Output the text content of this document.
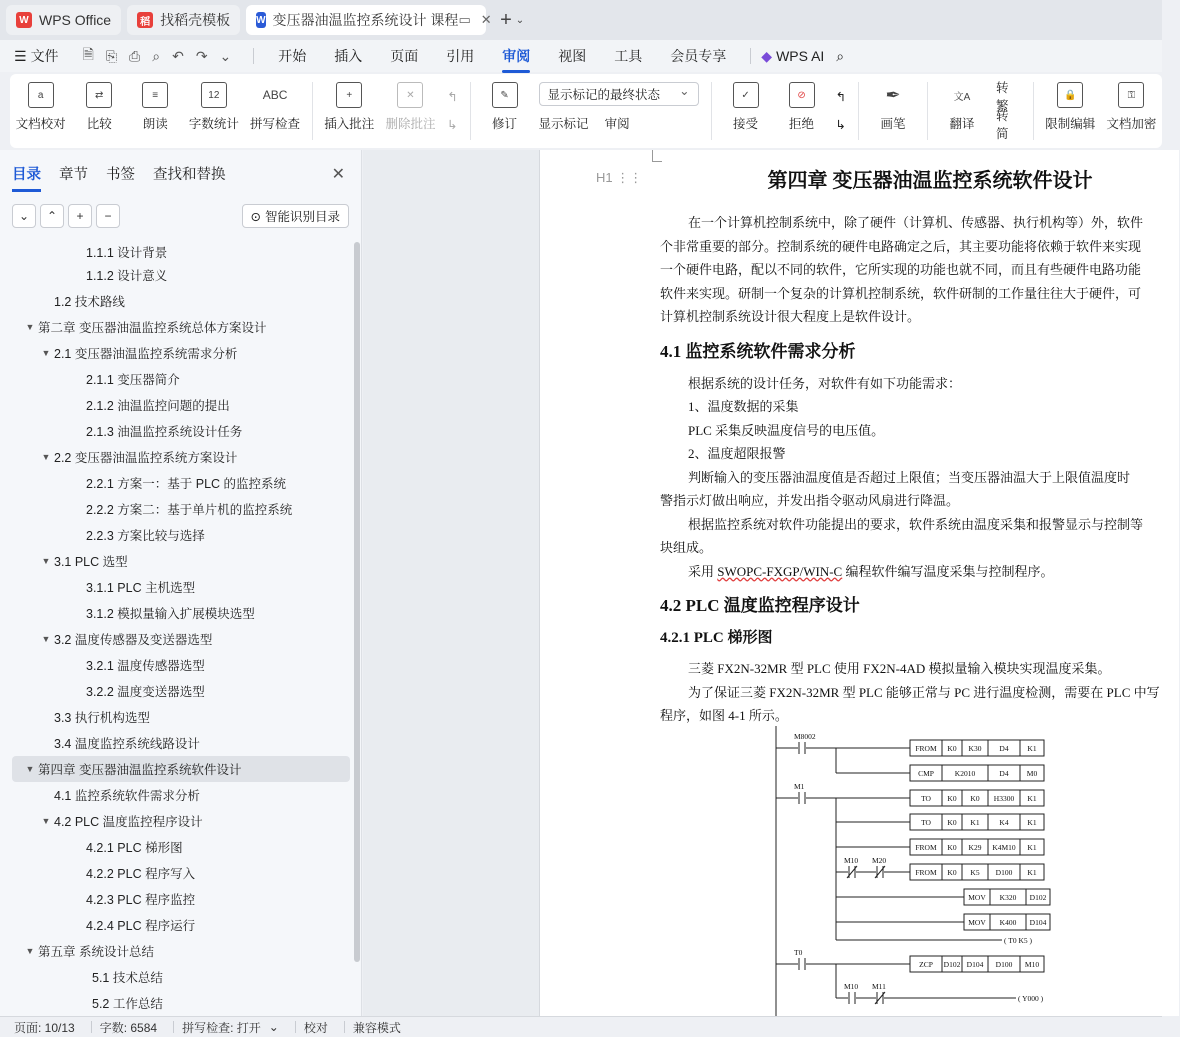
W WPS Office	稻 找稻壳模板	W 变压器油温监控系统设计 课程 ▭ ✕ + ⌄
☰ 文件 🗎 ⎘ ⎙ ⌕ ↶ ↷ ⌄	开始 插入 页面 引用 审阅 视图 工具 会员专享	◆ WPS AI ⌕
a
文档校对
⇄
比较
≡
朗读
12
字数统计
ABC
拼写检查
+
插入批注
✕
删除批注
↰
↳
✎
修订
显示标记的最终状态 ⌄
显示标记 审阅
✓
接受
⊘
拒绝
↰
↳
✒
画笔
文A
翻译
转繁
转简
🔒
限制编辑
⚿
文档加密
目录 章节 书签 查找和替换	✕
⌄	⌃	+	−	⊙ 智能识别目录
1.1.1 设计背景
1.1.2 设计意义
1.2 技术路线
▼ 第二章 变压器油温监控系统总体方案设计
▼ 2.1 变压器油温监控系统需求分析
2.1.1 变压器简介
2.1.2 油温监控问题的提出
2.1.3 油温监控系统设计任务
▼ 2.2 变压器油温监控系统方案设计
2.2.1 方案一：基于 PLC 的监控系统
2.2.2 方案二：基于单片机的监控系统
2.2.3 方案比较与选择
▼ 3.1 PLC 选型
3.1.1 PLC 主机选型
3.1.2 模拟量输入扩展模块选型
▼ 3.2 温度传感器及变送器选型
3.2.1 温度传感器选型
3.2.2 温度变送器选型
3.3 执行机构选型
3.4 温度监控系统线路设计
▼ 第四章 变压器油温监控系统软件设计
4.1 监控系统软件需求分析
▼ 4.2 PLC 温度监控程序设计
4.2.1 PLC 梯形图
4.2.2 PLC 程序写入
4.2.3 PLC 程序监控
4.2.4 PLC 程序运行
▼ 第五章 系统设计总结
5.1 技术总结
5.2 工作总结
H1 ⋮⋮	第四章 变压器油温监控系统软件设计

在一个计算机控制系统中，除了硬件（计算机、传感器、执行机构等）外，软件

个非常重要的部分。控制系统的硬件电路确定之后，其主要功能将依赖于软件来实现

一个硬件电路，配以不同的软件，它所实现的功能也就不同，而且有些硬件电路功能

软件来实现。研制一个复杂的计算机控制系统，软件研制的工作量往往大于硬件，可

计算机控制系统设计很大程度上是软件设计。

4.1 监控系统软件需求分析

根据系统的设计任务，对软件有如下功能需求：

1、温度数据的采集

PLC 采集反映温度信号的电压值。

2、温度超限报警

判断输入的变压器油温度值是否超过上限值；当变压器油温大于上限值温度时

警指示灯做出响应，并发出指令驱动风扇进行降温。

根据监控系统对软件功能提出的要求，软件系统由温度采集和报警显示与控制等

块组成。

采用 SWOPC-FXGP/WIN-C 编程软件编写温度采集与控制程序。

4.2 PLC 温度监控程序设计
4.2.1 PLC 梯形图

三菱 FX2N-32MR 型 PLC 使用 FX2N-4AD 模拟量输入模块实现温度采集。

为了保证三菱 FX2N-32MR 型 PLC 能够正常与 PC 进行温度检测，需要在 PLC 中写

程序，如图 4-1 所示。

M8002
M1
M10 M20
T0
M10 M11
FROM K0 K30 D4	K1
CMP	K2010	D4 M0
TO K0 K0 H3300 K1
TO K0 K1	K4	K1
FROM K0 K29 K4M10 K1
FROM K0 K5 D100 K1
MOV K320 D102
MOV K400 D104
ZCP D102 D104 D100 M10
( T0 K5 )
( Y000 )
页面: 10/13 字数: 6584 拼写检查: 打开 ⌄ 校对 兼容模式
